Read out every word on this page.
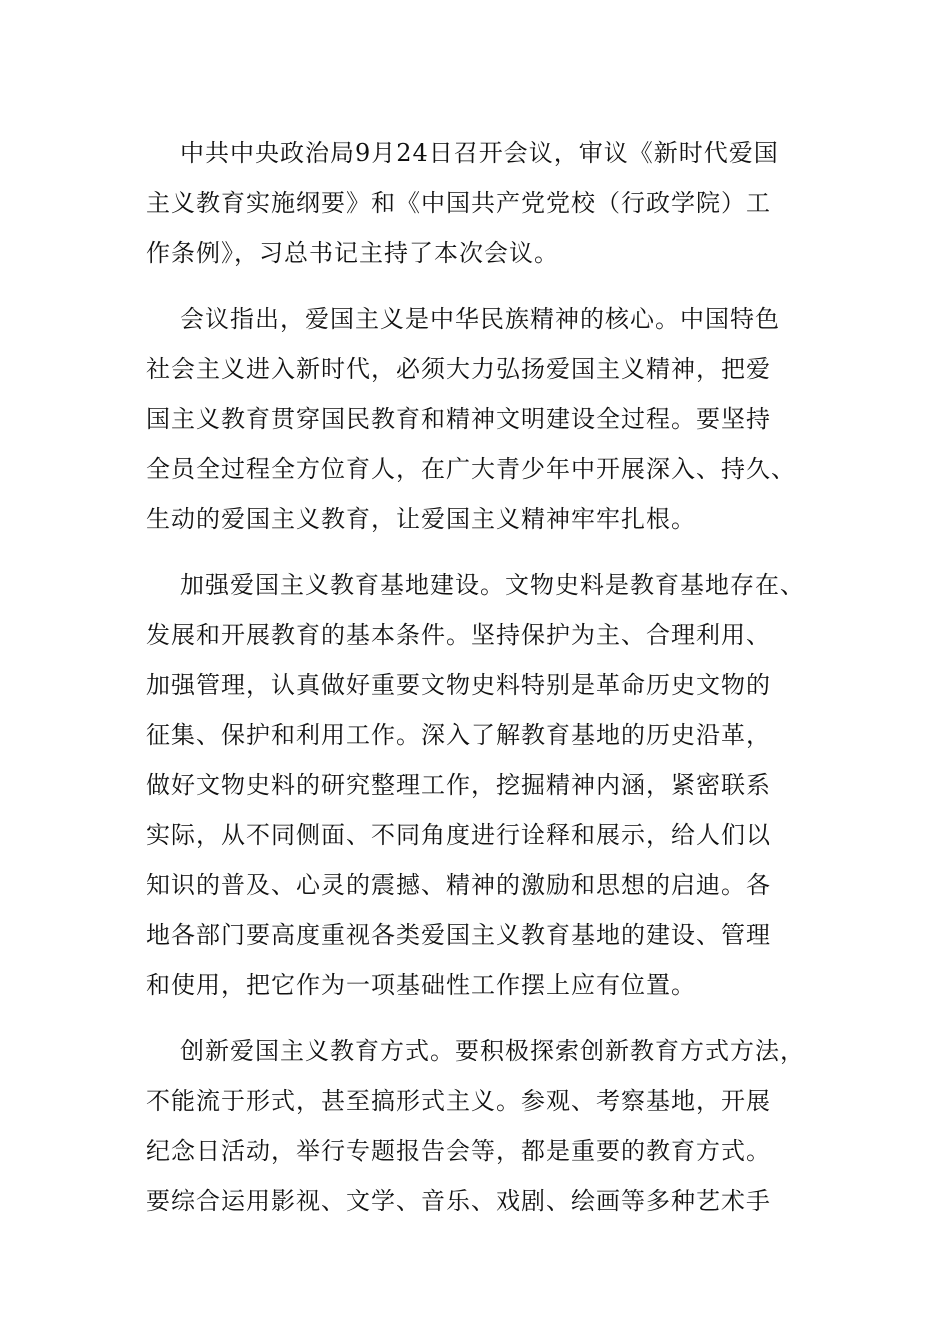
中共中央政治局9月24日召开会议，审议《新时代爱国
主义教育实施纲要》和《中国共产党党校（行政学院）工
作条例》，习总书记主持了本次会议。
会议指出，爱国主义是中华民族精神的核心。中国特色
社会主义进入新时代，必须大力弘扬爱国主义精神，把爱
国主义教育贯穿国民教育和精神文明建设全过程。要坚持
全员全过程全方位育人，在广大青少年中开展深入、持久、
生动的爱国主义教育，让爱国主义精神牢牢扎根。
加强爱国主义教育基地建设。文物史料是教育基地存在、
发展和开展教育的基本条件。坚持保护为主、合理利用、
加强管理，认真做好重要文物史料特别是革命历史文物的
征集、保护和利用工作。深入了解教育基地的历史沿革，
做好文物史料的研究整理工作，挖掘精神内涵，紧密联系
实际，从不同侧面、不同角度进行诠释和展示，给人们以
知识的普及、心灵的震撼、精神的激励和思想的启迪。各
地各部门要高度重视各类爱国主义教育基地的建设、管理
和使用，把它作为一项基础性工作摆上应有位置。
创新爱国主义教育方式。要积极探索创新教育方式方法，
不能流于形式，甚至搞形式主义。参观、考察基地，开展
纪念日活动，举行专题报告会等，都是重要的教育方式。
要综合运用影视、文学、音乐、戏剧、绘画等多种艺术手
